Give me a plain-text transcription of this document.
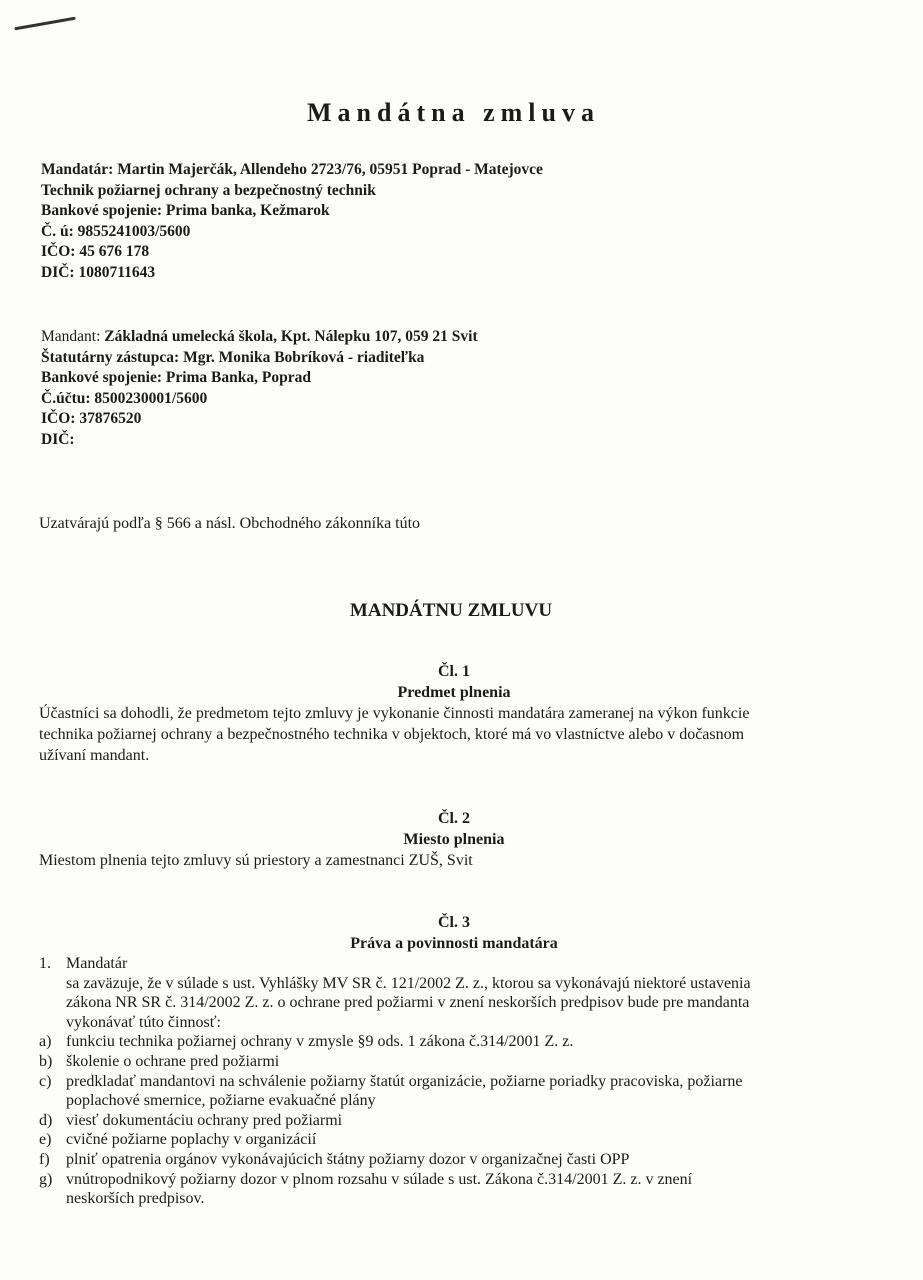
Mandátna zmluva
Mandatár: Martin Majerčák, Allendeho 2723/76, 05951 Poprad - Matejovce
Technik požiarnej ochrany a bezpečnostný technik
Bankové spojenie: Prima banka, Kežmarok
Č. ú: 9855241003/5600
IČO: 45 676 178
DIČ: 1080711643
Mandant: Základná umelecká škola, Kpt. Nálepku 107, 059 21 Svit
Štatutárny zástupca: Mgr. Monika Bobríková - riaditeľka
Bankové spojenie: Prima Banka, Poprad
Č.účtu: 8500230001/5600
IČO: 37876520
DIČ:
Uzatvárajú podľa § 566 a násl. Obchodného zákonníka túto
MANDÁTNU ZMLUVU
Čl. 1
Predmet plnenia
Účastníci sa dohodli, že predmetom tejto zmluvy je vykonanie činnosti mandatára zameranej na výkon funkcie
technika požiarnej ochrany a bezpečnostného technika v objektoch, ktoré má vo vlastníctve alebo v dočasnom
užívaní mandant.
Čl. 2
Miesto plnenia
Miestom plnenia tejto zmluvy sú priestory a zamestnanci ZUŠ, Svit
Čl. 3
Práva a povinnosti mandatára
1. Mandatár
sa zaväzuje, že v súlade s ust. Vyhlášky MV SR č. 121/2002 Z. z., ktorou sa vykonávajú niektoré ustavenia
zákona NR SR č. 314/2002 Z. z. o ochrane pred požiarmi v znení neskorších predpisov bude pre mandanta
vykonávať túto činnosť:
a) funkciu technika požiarnej ochrany v zmysle §9 ods. 1 zákona č.314/2001 Z. z.
b) školenie o ochrane pred požiarmi
c) predkladať mandantovi na schválenie požiarny štatút organizácie, požiarne poriadky pracoviska, požiarne
poplachové smernice, požiarne evakuačné plány
d) viesť dokumentáciu ochrany pred požiarmi
e) cvičné požiarne poplachy v organizácií
f)	plniť opatrenia orgánov vykonávajúcich štátny požiarny dozor v organizačnej časti OPP
g) vnútropodnikový požiarny dozor v plnom rozsahu v súlade s ust. Zákona č.314/2001 Z. z. v znení
neskorších predpisov.
